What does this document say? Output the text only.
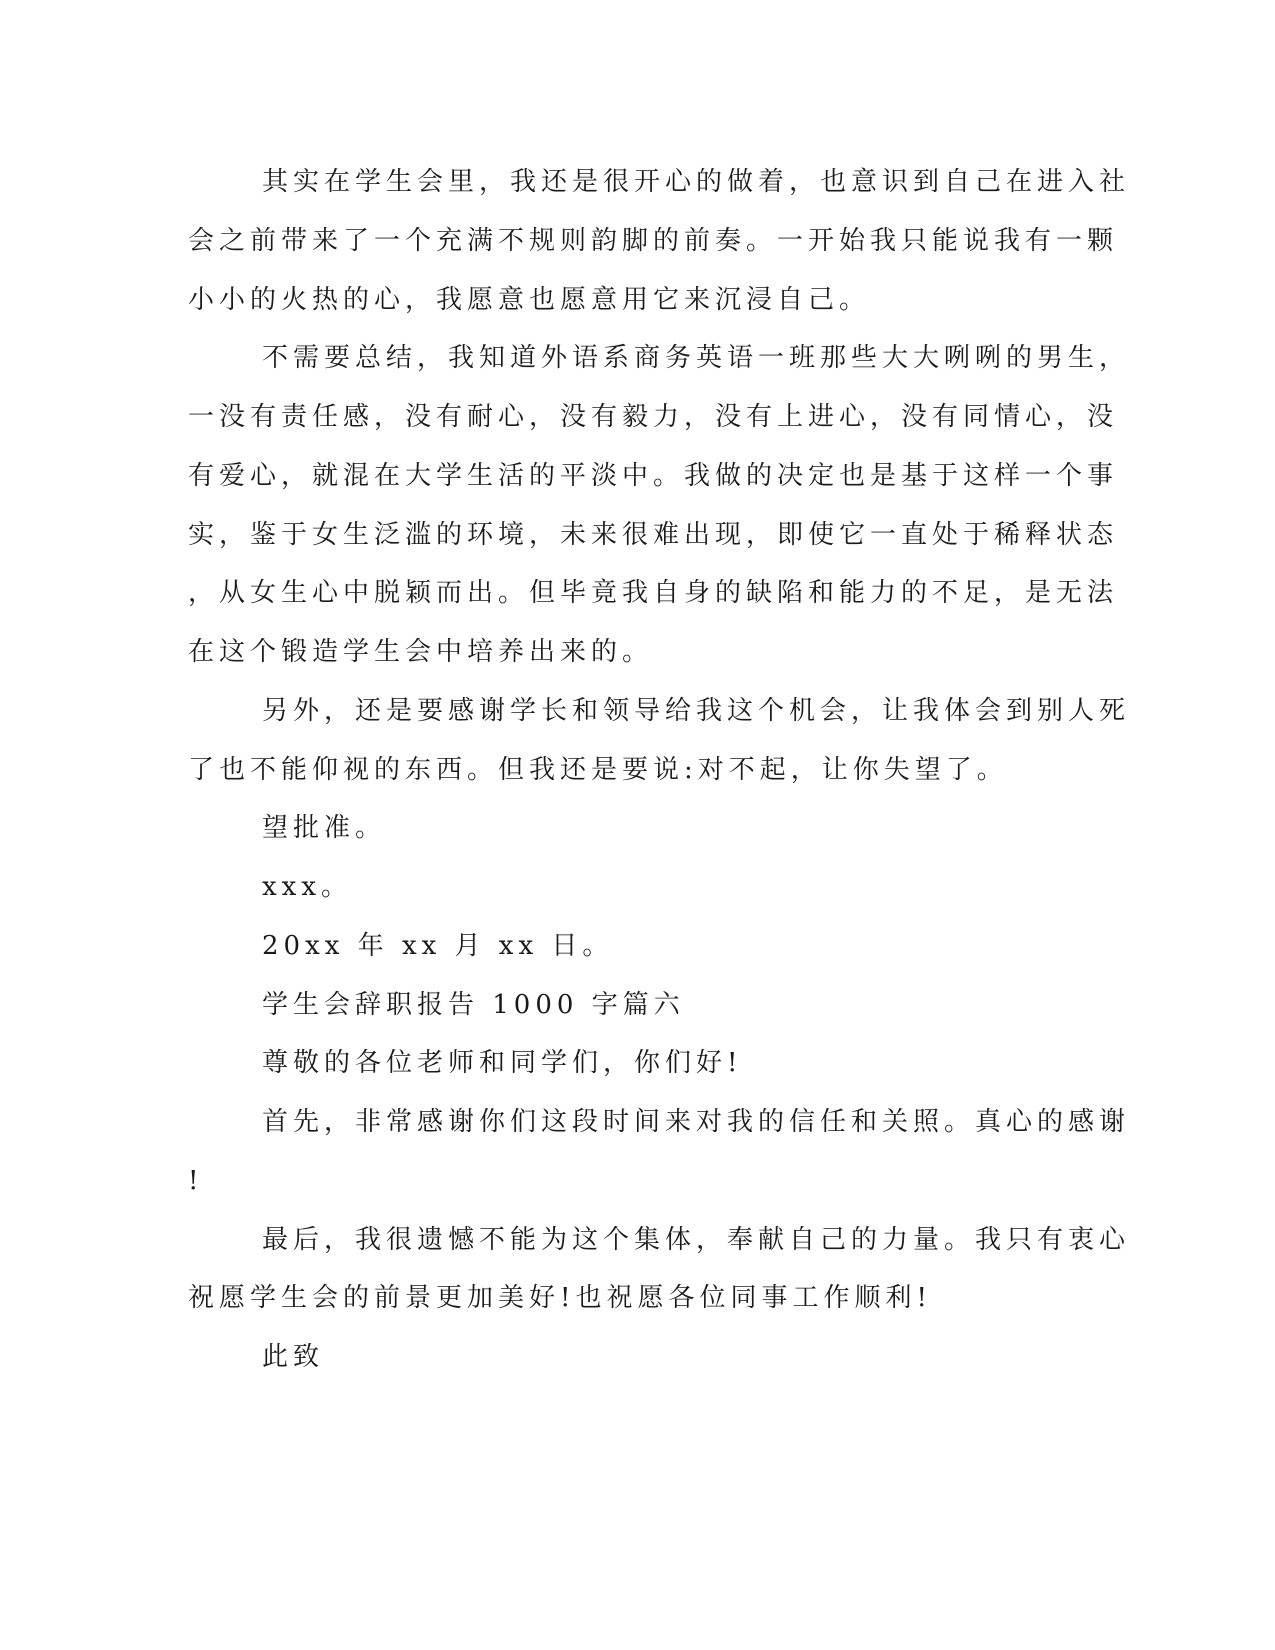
其实在学生会里，我还是很开心的做着，也意识到自己在进入社
会之前带来了一个充满不规则韵脚的前奏。一开始我只能说我有一颗
小小的火热的心，我愿意也愿意用它来沉浸自己。
不需要总结，我知道外语系商务英语一班那些大大咧咧的男生，
一没有责任感，没有耐心，没有毅力，没有上进心，没有同情心，没
有爱心，就混在大学生活的平淡中。我做的决定也是基于这样一个事
实，鉴于女生泛滥的环境，未来很难出现，即使它一直处于稀释状态
，从女生心中脱颖而出。但毕竟我自身的缺陷和能力的不足，是无法
在这个锻造学生会中培养出来的。
另外，还是要感谢学长和领导给我这个机会，让我体会到别人死
了也不能仰视的东西。但我还是要说:对不起，让你失望了。
望批准。
xxx。
20xx 年 xx 月 xx 日。
学生会辞职报告 1000 字篇六
尊敬的各位老师和同学们，你们好!
首先，非常感谢你们这段时间来对我的信任和关照。真心的感谢
!
最后，我很遗憾不能为这个集体，奉献自己的力量。我只有衷心
祝愿学生会的前景更加美好!也祝愿各位同事工作顺利!
此致
